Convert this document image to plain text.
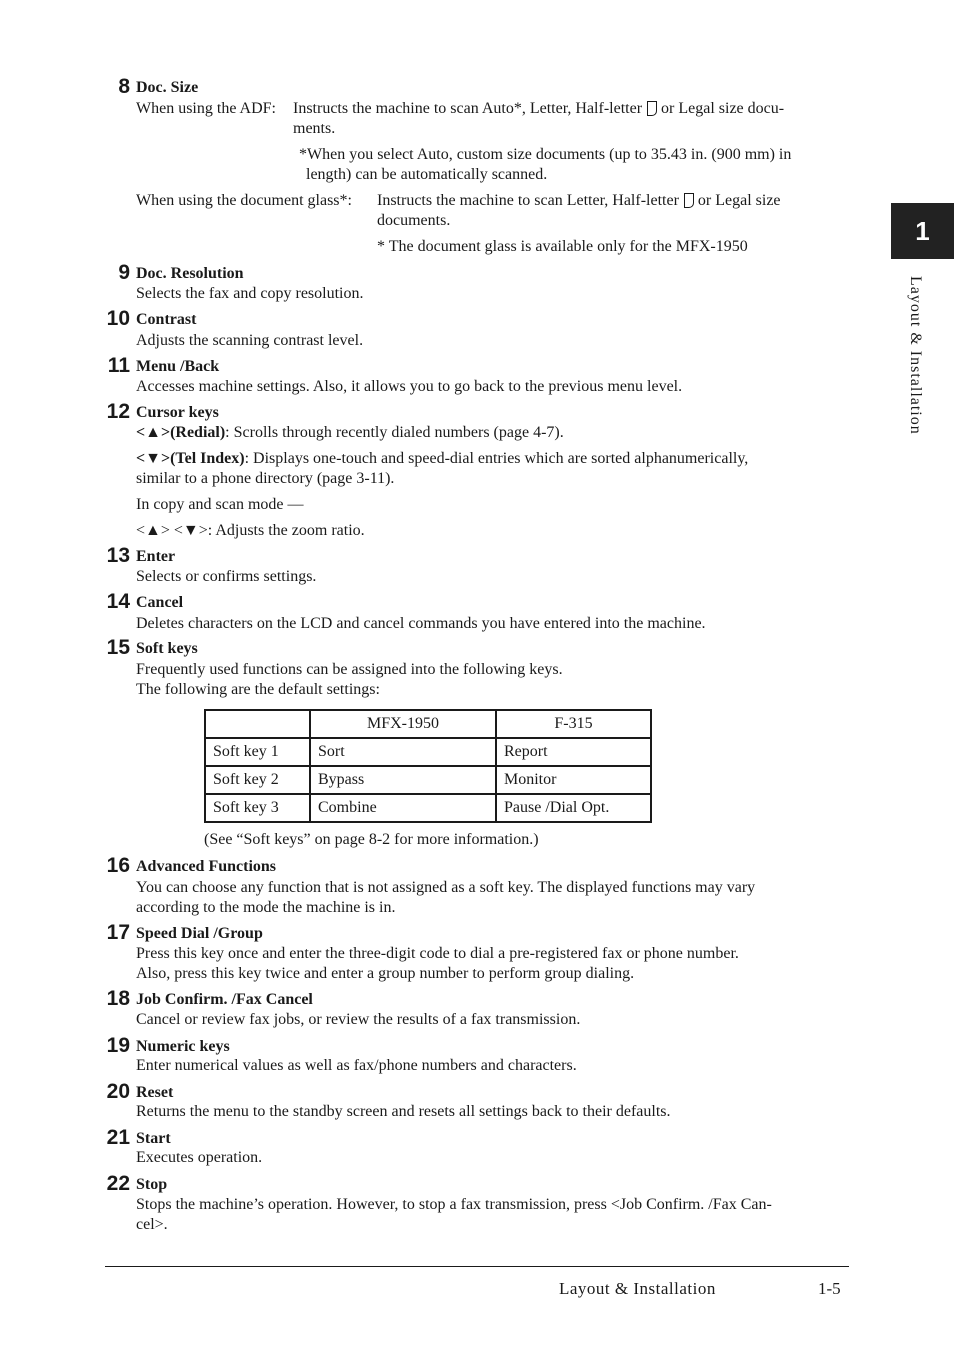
1
Layout & Installation
8 Doc. Size
When using the ADF: Instructs the machine to scan Auto*, Letter, Half-letter or Legal size docu-
ments.
*When you select Auto, custom size documents (up to 35.43 in. (900 mm) in
length) can be automatically scanned.
When using the document glass*: Instructs the machine to scan Letter, Half-letter or Legal size
documents.
* The document glass is available only for the MFX-1950
9 Doc. Resolution
Selects the fax and copy resolution.
10 Contrast
Adjusts the scanning contrast level.
11 Menu /Back
Accesses machine settings. Also, it allows you to go back to the previous menu level.
12 Cursor keys
<▲>(Redial): Scrolls through recently dialed numbers (page 4-7).
<▼>(Tel Index): Displays one-touch and speed-dial entries which are sorted alphanumerically,
similar to a phone directory (page 3-11).
In copy and scan mode —
<▲> <▼>: Adjusts the zoom ratio.
13 Enter
Selects or confirms settings.
14 Cancel
Deletes characters on the LCD and cancel commands you have entered into the machine.
15 Soft keys
Frequently used functions can be assigned into the following keys.
The following are the default settings:
	MFX-1950	F-315
Soft key 1	Sort	Report
Soft key 2	Bypass	Monitor
Soft key 3	Combine	Pause /Dial Opt.
(See “Soft keys” on page 8-2 for more information.)
16 Advanced Functions
You can choose any function that is not assigned as a soft key. The displayed functions may vary
according to the mode the machine is in.
17 Speed Dial /Group
Press this key once and enter the three-digit code to dial a pre-registered fax or phone number.
Also, press this key twice and enter a group number to perform group dialing.
18 Job Confirm. /Fax Cancel
Cancel or review fax jobs, or review the results of a fax transmission.
19 Numeric keys
Enter numerical values as well as fax/phone numbers and characters.
20 Reset
Returns the menu to the standby screen and resets all settings back to their defaults.
21 Start
Executes operation.
22 Stop
Stops the machine’s operation. However, to stop a fax transmission, press <Job Confirm. /Fax Can-
cel>.
Layout & Installation	1-5
